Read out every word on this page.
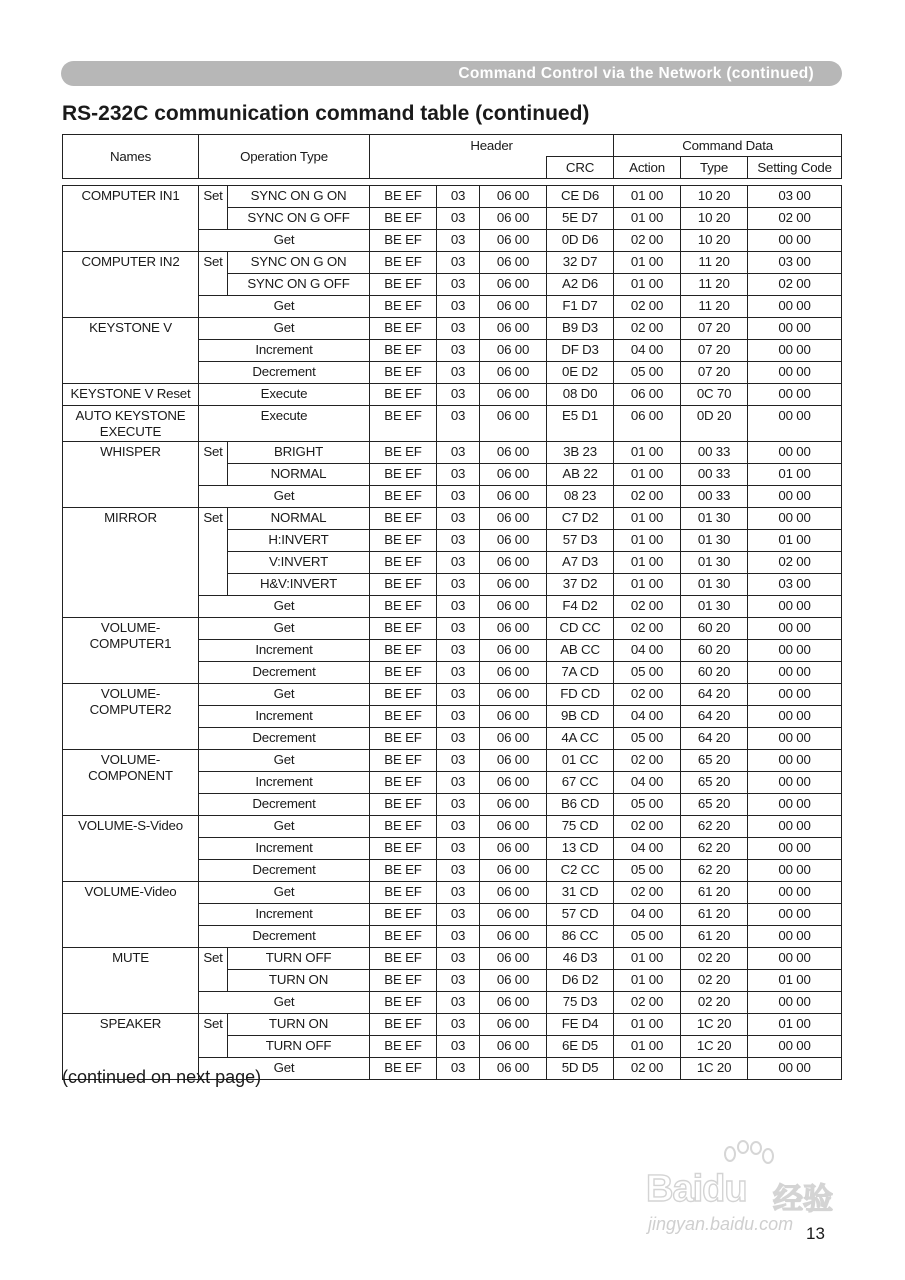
Command Control via the Network (continued)
RS-232C communication command table (continued)
Names	Operation Type		Header				Command Data		
						CRC	Action	Type	Setting Code

COMPUTER IN1	Set	SYNC ON G ON	BE EF	03	06 00	CE D6	01 00	10 20	03 00
		SYNC ON G OFF	BE EF	03	06 00	5E D7	01 00	10 20	02 00
	Get		BE EF	03	06 00	0D D6	02 00	10 20	00 00
COMPUTER IN2	Set	SYNC ON G ON	BE EF	03	06 00	32 D7	01 00	11 20	03 00
		SYNC ON G OFF	BE EF	03	06 00	A2 D6	01 00	11 20	02 00
	Get		BE EF	03	06 00	F1 D7	02 00	11 20	00 00
KEYSTONE V	Get		BE EF	03	06 00	B9 D3	02 00	07 20	00 00
	Increment		BE EF	03	06 00	DF D3	04 00	07 20	00 00
	Decrement		BE EF	03	06 00	0E D2	05 00	07 20	00 00
KEYSTONE V Reset	Execute		BE EF	03	06 00	08 D0	06 00	0C 70	00 00
AUTO KEYSTONE EXECUTE	Execute		BE EF	03	06 00	E5 D1	06 00	0D 20	00 00
WHISPER	Set	BRIGHT	BE EF	03	06 00	3B 23	01 00	00 33	00 00
		NORMAL	BE EF	03	06 00	AB 22	01 00	00 33	01 00
	Get		BE EF	03	06 00	08 23	02 00	00 33	00 00
MIRROR	Set	NORMAL	BE EF	03	06 00	C7 D2	01 00	01 30	00 00
		H:INVERT	BE EF	03	06 00	57 D3	01 00	01 30	01 00
		V:INVERT	BE EF	03	06 00	A7 D3	01 00	01 30	02 00
		H&V:INVERT	BE EF	03	06 00	37 D2	01 00	01 30	03 00
	Get		BE EF	03	06 00	F4 D2	02 00	01 30	00 00
VOLUME- COMPUTER1	Get		BE EF	03	06 00	CD CC	02 00	60 20	00 00
	Increment		BE EF	03	06 00	AB CC	04 00	60 20	00 00
	Decrement		BE EF	03	06 00	7A CD	05 00	60 20	00 00
VOLUME- COMPUTER2	Get		BE EF	03	06 00	FD CD	02 00	64 20	00 00
	Increment		BE EF	03	06 00	9B CD	04 00	64 20	00 00
	Decrement		BE EF	03	06 00	4A CC	05 00	64 20	00 00
VOLUME- COMPONENT	Get		BE EF	03	06 00	01 CC	02 00	65 20	00 00
	Increment		BE EF	03	06 00	67 CC	04 00	65 20	00 00
	Decrement		BE EF	03	06 00	B6 CD	05 00	65 20	00 00
VOLUME-S-Video	Get		BE EF	03	06 00	75 CD	02 00	62 20	00 00
	Increment		BE EF	03	06 00	13 CD	04 00	62 20	00 00
	Decrement		BE EF	03	06 00	C2 CC	05 00	62 20	00 00
VOLUME-Video	Get		BE EF	03	06 00	31 CD	02 00	61 20	00 00
	Increment		BE EF	03	06 00	57 CD	04 00	61 20	00 00
	Decrement		BE EF	03	06 00	86 CC	05 00	61 20	00 00
MUTE	Set	TURN OFF	BE EF	03	06 00	46 D3	01 00	02 20	00 00
		TURN ON	BE EF	03	06 00	D6 D2	01 00	02 20	01 00
	Get		BE EF	03	06 00	75 D3	02 00	02 20	00 00
SPEAKER	Set	TURN ON	BE EF	03	06 00	FE D4	01 00	1C 20	01 00
		TURN OFF	BE EF	03	06 00	6E D5	01 00	1C 20	00 00
	Get		BE EF	03	06 00	5D D5	02 00	1C 20	00 00
(continued on next page)
Baidu 经验
jingyan.baidu.com 13
